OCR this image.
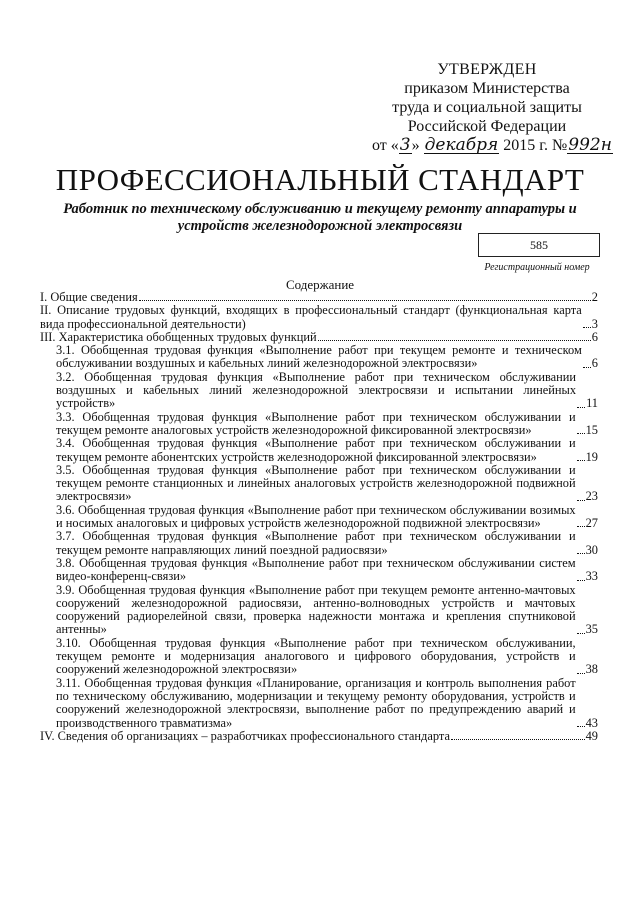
УТВЕРЖДЕН
приказом Министерства
труда и социальной защиты
Российской Федерации
от «3» декабря 2015 г. №992н
ПРОФЕССИОНАЛЬНЫЙ СТАНДАРТ
Работник по техническому обслуживанию и текущему ремонту аппаратуры и устройств железнодорожной электросвязи
585
Регистрационный номер
Содержание
I. Общие сведения	2
II. Описание трудовых функций, входящих в профессиональный стандарт (функциональная карта вида профессиональной деятельности)	3
III. Характеристика обобщенных трудовых функций	6
3.1. Обобщенная трудовая функция «Выполнение работ при текущем ремонте и техническом обслуживании воздушных и кабельных линий железнодорожной электросвязи»	6
3.2. Обобщенная трудовая функция «Выполнение работ при техническом обслуживании воздушных и кабельных линий железнодорожной электросвязи и испытании линейных устройств»	11
3.3. Обобщенная трудовая функция «Выполнение работ при техническом обслуживании и текущем ремонте аналоговых устройств железнодорожной фиксированной электросвязи»	15
3.4. Обобщенная трудовая функция «Выполнение работ при техническом обслуживании и текущем ремонте абонентских устройств железнодорожной фиксированной электросвязи»	19
3.5. Обобщенная трудовая функция «Выполнение работ при техническом обслуживании и текущем ремонте станционных и линейных аналоговых устройств железнодорожной подвижной электросвязи»	23
3.6. Обобщенная трудовая функция «Выполнение работ при техническом обслуживании возимых и носимых аналоговых и цифровых устройств железнодорожной подвижной электросвязи»	27
3.7. Обобщенная трудовая функция «Выполнение работ при техническом обслуживании и текущем ремонте направляющих линий поездной радиосвязи»	30
3.8. Обобщенная трудовая функция «Выполнение работ при техническом обслуживании систем видео-конференц-связи»	33
3.9. Обобщенная трудовая функция «Выполнение работ при текущем ремонте антенно-мачтовых сооружений железнодорожной радиосвязи, антенно-волноводных устройств и мачтовых сооружений радиорелейной связи, проверка надежности монтажа и крепления спутниковой антенны»	35
3.10. Обобщенная трудовая функция «Выполнение работ при техническом обслуживании, текущем ремонте и модернизация аналогового и цифрового оборудования, устройств и сооружений железнодорожной электросвязи»	38
3.11. Обобщенная трудовая функция «Планирование, организация и контроль выполнения работ по техническому обслуживанию, модернизации и текущему ремонту оборудования, устройств и сооружений железнодорожной электросвязи, выполнение работ по предупреждению аварий и производственного травматизма»	43
IV. Сведения об организациях – разработчиках профессионального стандарта	49
